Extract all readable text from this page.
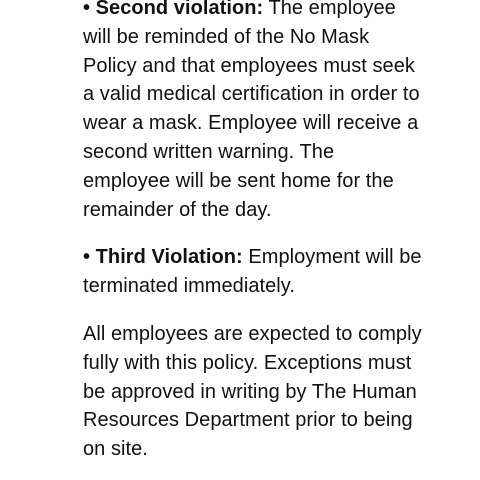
• Second violation: The employee
will be reminded of the No Mask
Policy and that employees must seek
a valid medical certification in order to
wear a mask. Employee will receive a
second written warning. The
employee will be sent home for the
remainder of the day.
• Third Violation: Employment will be
terminated immediately.
All employees are expected to comply
fully with this policy. Exceptions must
be approved in writing by The Human
Resources Department prior to being
on site.
